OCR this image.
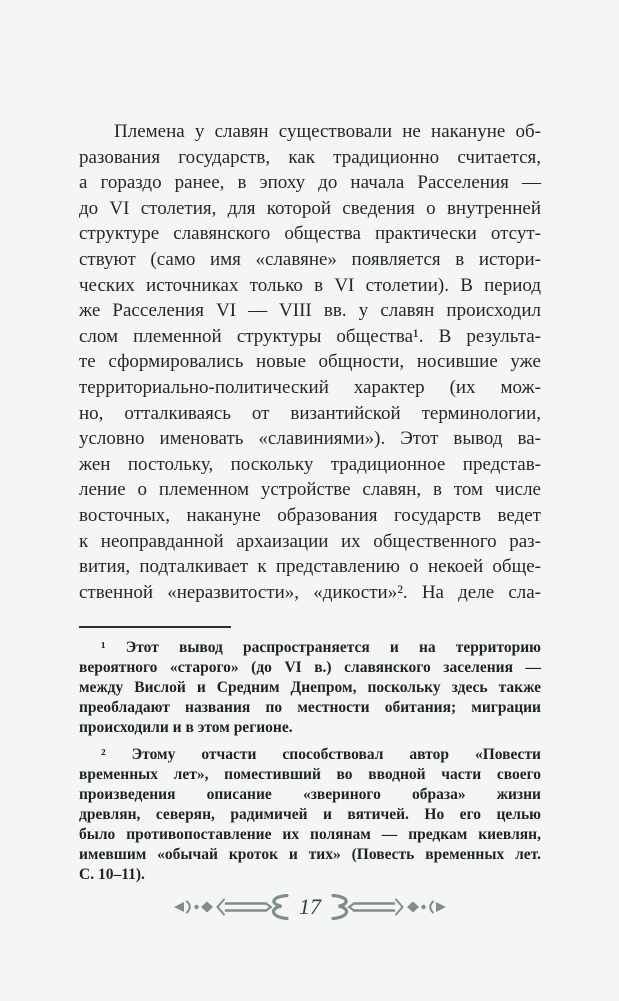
Племена у славян существовали не накануне об-
разования государств, как традиционно считается,
а гораздо ранее, в эпоху до начала Расселения —
до VI столетия, для которой сведения о внутренней
структуре славянского общества практически отсут-
ствуют (само имя «славяне» появляется в истори-
ческих источниках только в VI столетии). В период
же Расселения VI — VIII вв. у славян происходил
слом племенной структуры общества¹. В результа-
те сформировались новые общности, носившие уже
территориально-политический характер (их мож-
но, отталкиваясь от византийской терминологии,
условно именовать «славиниями»). Этот вывод ва-
жен постольку, поскольку традиционное представ-
ление о племенном устройстве славян, в том числе
восточных, накануне образования государств ведет
к неоправданной архаизации их общественного раз-
вития, подталкивает к представлению о некоей обще-
ственной «неразвитости», «дикости»². На деле сла-
¹ Этот вывод распространяется и на территорию
вероятного «старого» (до VI в.) славянского заселения —
между Вислой и Средним Днепром, поскольку здесь также
преобладают названия по местности обитания; миграции
происходили и в этом регионе.
² Этому отчасти способствовал автор «Повести
временных лет», поместивший во вводной части своего
произведения описание «звериного образа» жизни
древлян, северян, радимичей и вятичей. Но его целью
было противопоставление их полянам — предкам киевлян,
имевшим «обычай кроток и тих» (Повесть временных лет.
С. 10–11).
17
